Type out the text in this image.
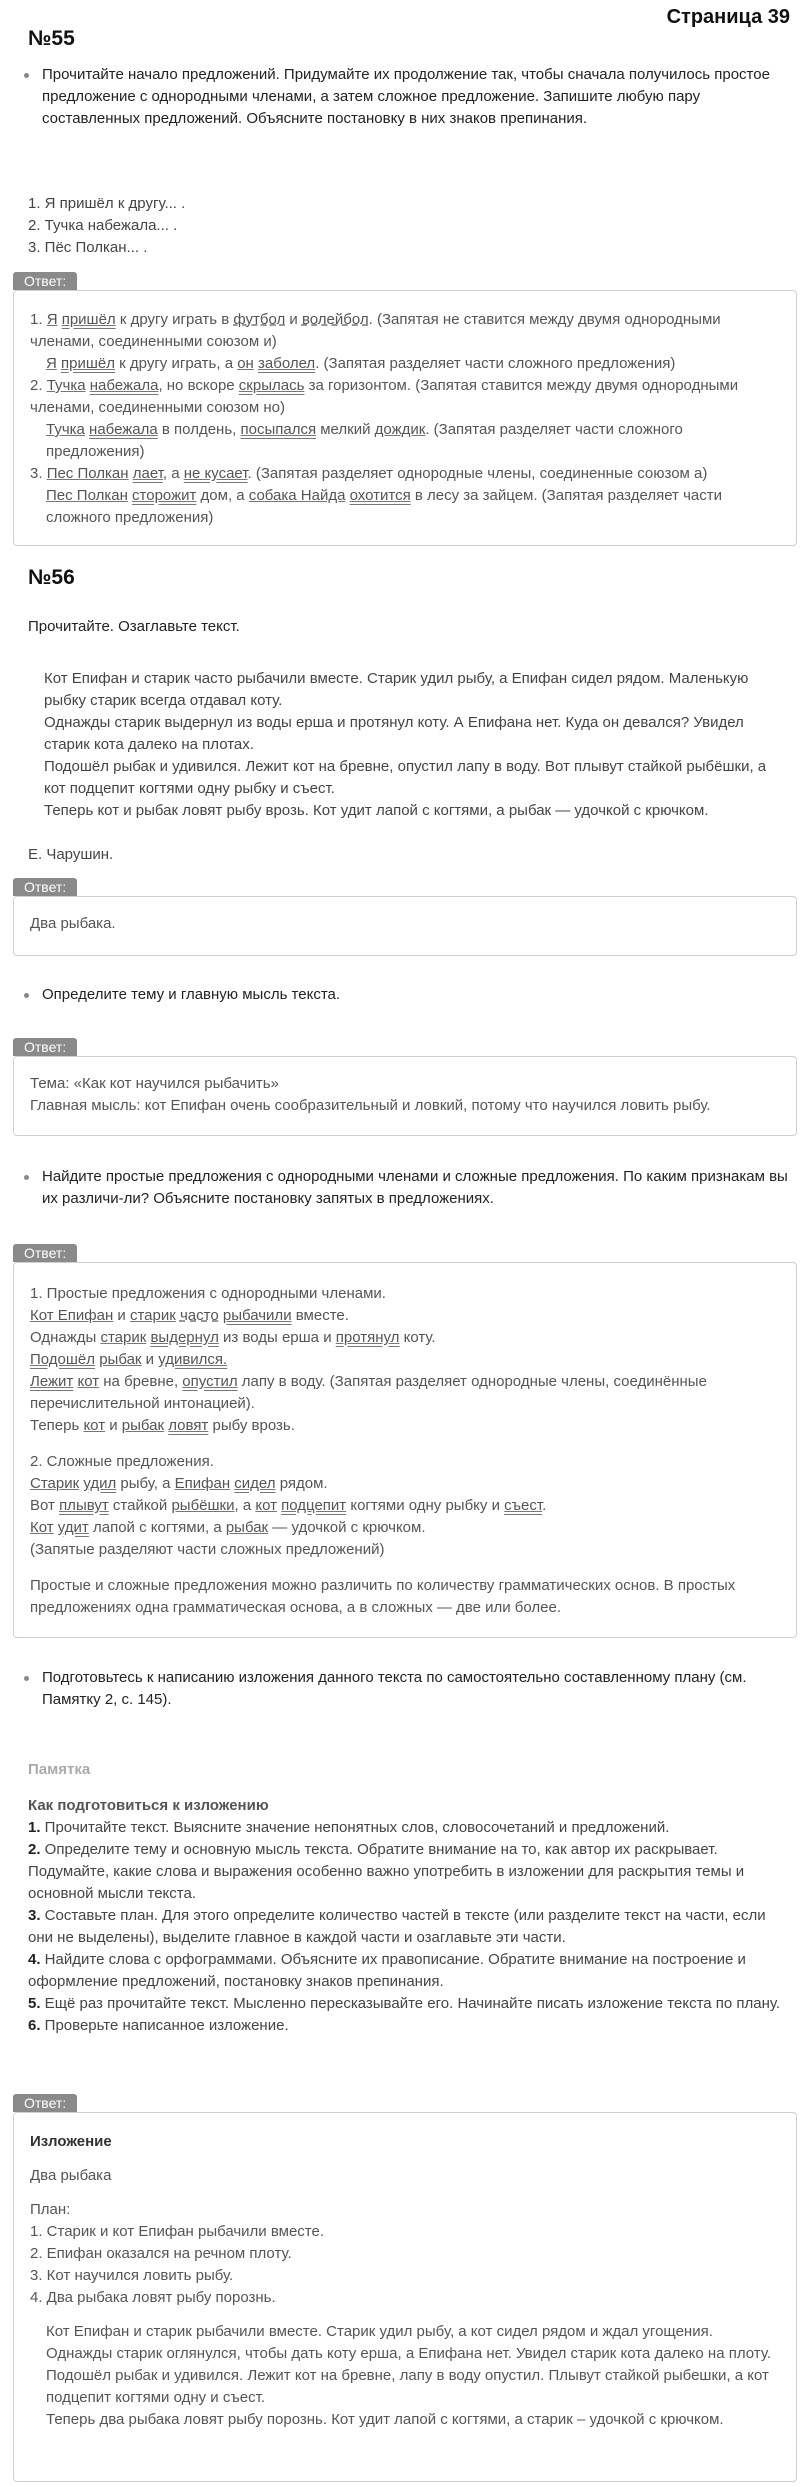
Страница 39
№55
Прочитайте начало предложений. Придумайте их продолжение так, чтобы сначала получилось простое предложение с однородными членами, а затем сложное предложение. Запишите любую пару составленных предложений. Объясните постановку в них знаков препинания.
1. Я пришёл к другу... .
2. Тучка набежала... .
3. Пёс Полкан... .
Ответ:

1. Я пришёл к другу играть в футбол и волейбол. (Запятая не ставится между двумя однородными членами, соединенными союзом и)

Я пришёл к другу играть, а он заболел. (Запятая разделяет части сложного предложения)

2. Тучка набежала, но вскоре скрылась за горизонтом. (Запятая ставится между двумя однородными членами, соединенными союзом но)

Тучка набежала в полдень, посыпался мелкий дождик. (Запятая разделяет части сложного предложения)

3. Пес Полкан лает, а не кусает. (Запятая разделяет однородные члены, соединенные союзом а)

Пес Полкан сторожит дом, а собака Найда охотится в лесу за зайцем. (Запятая разделяет части сложного предложения)

№56
Прочитайте. Озаглавьте текст.

Кот Епифан и старик часто рыбачили вместе. Старик удил рыбу, а Епифан сидел рядом. Маленькую рыбку старик всегда отдавал коту.

Однажды старик выдернул из воды ерша и протянул коту. А Епифана нет. Куда он девался? Увидел старик кота далеко на плотах.

Подошёл рыбак и удивился. Лежит кот на бревне, опустил лапу в воду. Вот плывут стайкой рыбёшки, а кот подцепит когтями одну рыбку и съест.

Теперь кот и рыбак ловят рыбу врозь. Кот удит лапой с когтями, а рыбак — удочкой с крючком.

Е. Чарушин.

Ответ:

Два рыбака.

Определите тему и главную мысль текста.
Ответ:

Тема: «Как кот научился рыбачить»

Главная мысль: кот Епифан очень сообразительный и ловкий, потому что научился ловить рыбу.

Найдите простые предложения с однородными членами и сложные предложения. По каким признакам вы их различи-ли? Объясните постановку запятых в предложениях.
Ответ:

1. Простые предложения с однородными членами.

Кот Епифан и старик часто рыбачили вместе.

Однажды старик выдернул из воды ерша и протянул коту.

Подошёл рыбак и удивился.

Лежит кот на бревне, опустил лапу в воду. (Запятая разделяет однородные члены, соединённые перечислительной интонацией).

Теперь кот и рыбак ловят рыбу врозь.

2. Сложные предложения.

Старик удил рыбу, а Епифан сидел рядом.

Вот плывут стайкой рыбёшки, а кот подцепит когтями одну рыбку и съест.

Кот удит лапой с когтями, а рыбак — удочкой с крючком.

(Запятые разделяют части сложных предложений)

Простые и сложные предложения можно различить по количеству грамматических основ. В простых предложениях одна грамматическая основа, а в сложных — две или более.

Подготовьтесь к написанию изложения данного текста по самостоятельно составленному плану (см. Памятку 2, с. 145).
Памятка
Как подготовиться к изложению
1. Прочитайте текст. Выясните значение непонятных слов, словосочетаний и предложений.
2. Определите тему и основную мысль текста. Обратите внимание на то, как автор их раскрывает. Подумайте, какие слова и выражения особенно важно употребить в изложении для раскрытия темы и основной мысли текста.
3. Составьте план. Для этого определите количество частей в тексте (или разделите текст на части, если они не выделены), выделите главное в каждой части и озаглавьте эти части.
4. Найдите слова с орфограммами. Объясните их правописание. Обратите внимание на построение и оформление предложений, постановку знаков препинания.
5. Ещё раз прочитайте текст. Мысленно пересказывайте его. Начинайте писать изложение текста по плану.
6. Проверьте написанное изложение.
Ответ:

Изложение

Два рыбака

План:

1. Старик и кот Епифан рыбачили вместе.

2. Епифан оказался на речном плоту.

3. Кот научился ловить рыбу.

4. Два рыбака ловят рыбу порознь.

Кот Епифан и старик рыбачили вместе. Старик удил рыбу, а кот сидел рядом и ждал угощения.

Однажды старик оглянулся, чтобы дать коту ерша, а Епифана нет. Увидел старик кота далеко на плоту.

Подошёл рыбак и удивился. Лежит кот на бревне, лапу в воду опустил. Плывут стайкой рыбешки, а кот подцепит когтями одну и съест.

Теперь два рыбака ловят рыбу порознь. Кот удит лапой с когтями, а старик – удочкой с крючком.
